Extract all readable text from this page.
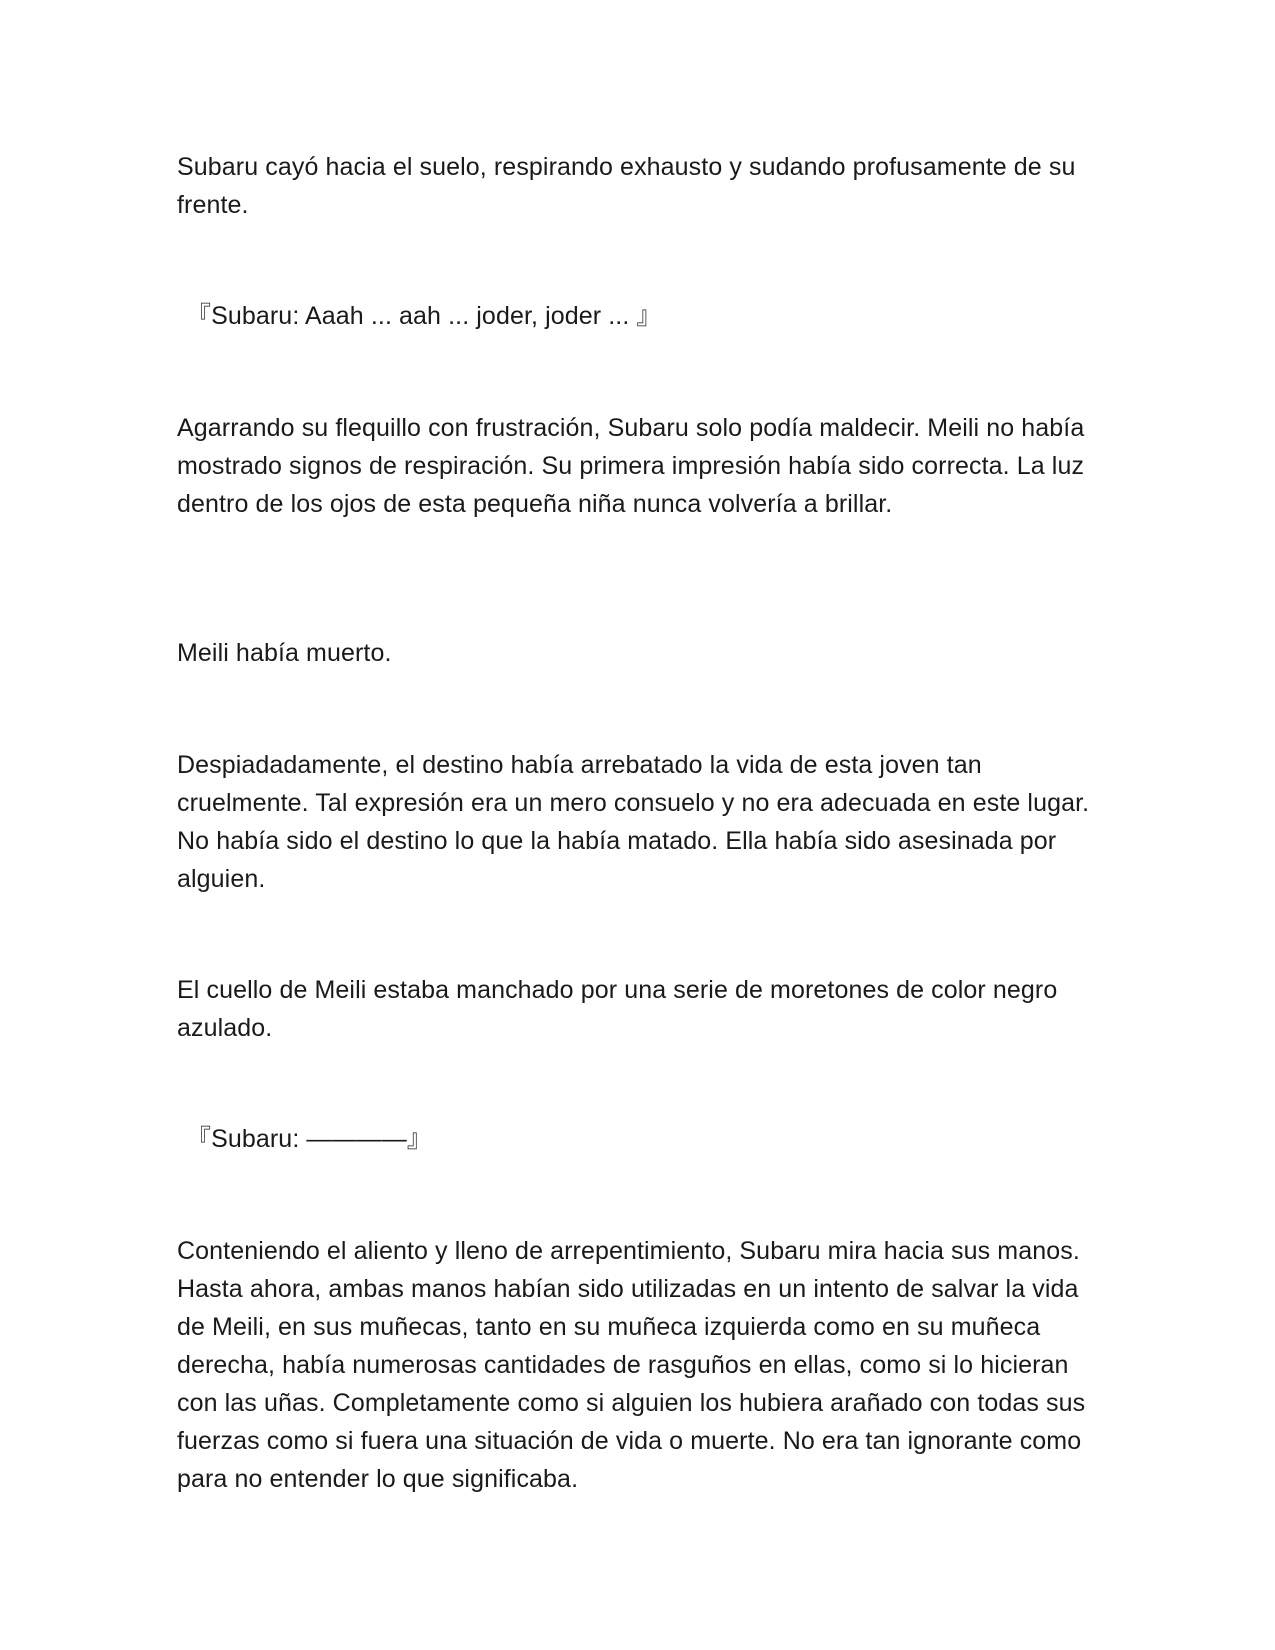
Subaru cayó hacia el suelo, respirando exhausto y sudando profusamente de su frente.

『Subaru: Aaah ... aah ... joder, joder ... 』

Agarrando su flequillo con frustración, Subaru solo podía maldecir. Meili no había mostrado signos de respiración. Su primera impresión había sido correcta. La luz dentro de los ojos de esta pequeña niña nunca volvería a brillar.

Meili había muerto.

Despiadadamente, el destino había arrebatado la vida de esta joven tan cruelmente. Tal expresión era un mero consuelo y no era adecuada en este lugar. No había sido el destino lo que la había matado. Ella había sido asesinada por alguien.

El cuello de Meili estaba manchado por una serie de moretones de color negro azulado.

『Subaru: ————』

Conteniendo el aliento y lleno de arrepentimiento, Subaru mira hacia sus manos. Hasta ahora, ambas manos habían sido utilizadas en un intento de salvar la vida de Meili, en sus muñecas, tanto en su muñeca izquierda como en su muñeca derecha, había numerosas cantidades de rasguños en ellas, como si lo hicieran con las uñas. Completamente como si alguien los hubiera arañado con todas sus fuerzas como si fuera una situación de vida o muerte. No era tan ignorante como para no entender lo que significaba.
